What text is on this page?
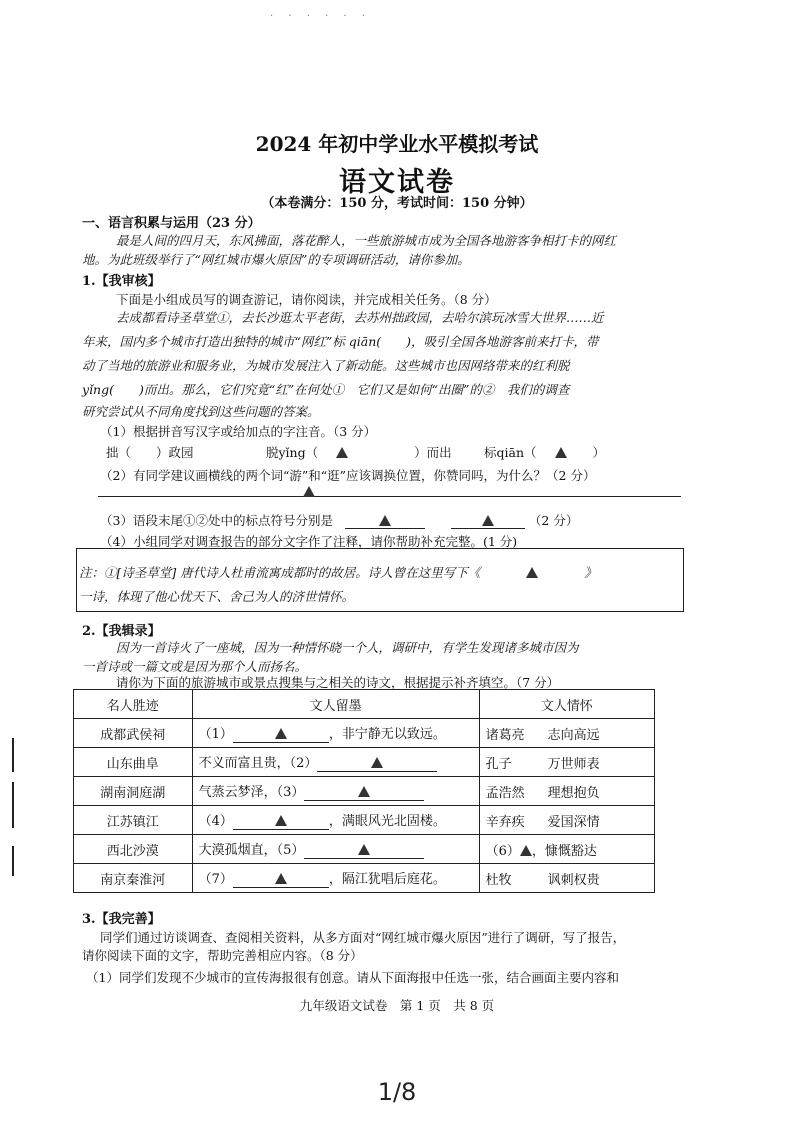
. . . . . .
2024 年初中学业水平模拟考试
语文试卷
（本卷满分：150 分，考试时间：150 分钟）
一、语言积累与运用（23 分）
最是人间的四月天，东风拂面，落花醉人，一些旅游城市成为全国各地游客争相打卡的网红
地。为此班级举行了“网红城市爆火原因”的专项调研活动，请你参加。
1.【我审核】
下面是小组成员写的调查游记，请你阅读，并完成相关任务。（8 分）
去成都看诗圣草堂①，去长沙逛太平老街，去苏州拙政园，去哈尔滨玩冰雪大世界……近
年来，国内多个城市打造出独特的城市“网红”标 qiān(　　)，吸引全国各地游客前来打卡，带
动了当地的旅游业和服务业，为城市发展注入了新动能。这些城市也因网络带来的红利脱
yǐng(　　)而出。那么，它们究竟“红”在何处①　它们又是如何“出圈”的②　我们的调查
研究尝试从不同角度找到这些问题的答案。
（1）根据拼音写汉字或给加点的字注音。（3 分）
拙（　　）政园	脱yǐng（	）而出	标qiān（	）
（2）有同学建议画横线的两个词“游”和“逛”应该调换位置，你赞同吗，为什么？（2 分）
（3）语段末尾①②处中的标点符号分别是	（2 分）
（4）小组同学对调查报告的部分文字作了注释，请你帮助补充完整。(1 分)
注：①[诗圣草堂] 唐代诗人杜甫流寓成都时的故居。诗人曾在这里写下《	》
一诗，体现了他心忧天下、舍己为人的济世情怀。
2.【我辑录】
因为一首诗火了一座城，因为一种情怀晓一个人，调研中，有学生发现诸多城市因为
一首诗或一篇文或是因为那个人而扬名。
请你为下面的旅游城市或景点搜集与之相关的诗文，根据提示补齐填空。（7 分）
名人胜迹	文人留墨	文人情怀
成都武侯祠	（1） ，非宁静无以致远。	诸葛亮 志向高远
山东曲阜	不义而富且贵，（2）	孔子 万世师表
湖南洞庭湖	气蒸云梦泽，（3）	孟浩然 理想抱负
江苏镇江	（4） ，满眼风光北固楼。	辛弃疾 爱国深情
西北沙漠	大漠孤烟直，（5）	（6） ，慷慨豁达
南京秦淮河	（7） ，隔江犹唱后庭花。	杜牧 讽刺权贵
3.【我完善】
同学们通过访谈调查、查阅相关资料，从多方面对“网红城市爆火原因”进行了调研，写了报告，
请你阅读下面的文字，帮助完善相应内容。（8 分）
（1）同学们发现不少城市的宣传海报很有创意。请从下面海报中任选一张，结合画面主要内容和
九年级语文试卷　第 1 页　共 8 页
1/8
